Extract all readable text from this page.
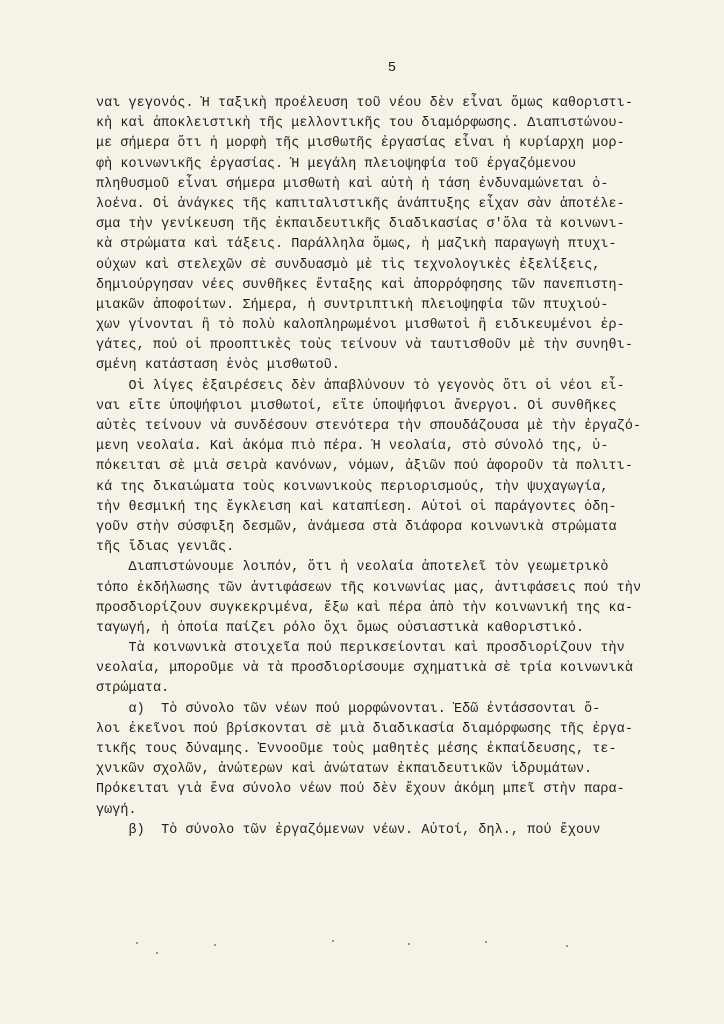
5
ναι γεγονός. Ἡ ταξικὴ προέλευση τοῦ νέου δὲν εἶναι ὅμως καθοριστι-
κὴ καὶ ἀποκλειστικὴ τῆς μελλοντικῆς του διαμόρφωσης. Διαπιστώνου-
με σήμερα ὅτι ἡ μορφὴ τῆς μισθωτῆς ἐργασίας εἶναι ἡ κυρίαρχη μορ-
φὴ κοινωνικῆς ἐργασίας. Ἡ μεγάλη πλειοψηφία τοῦ ἐργαζόμενου
πληθυσμοῦ εἶναι σήμερα μισθωτὴ καὶ αὐτὴ ἡ τάση ἐνδυναμώνεται ὁ-
λοένα. Οἱ ἀνάγκες τῆς καπιταλιστικῆς ἀνάπτυξης εἶχαν σὰν ἀποτέλε-
σμα τὴν γενίκευση τῆς ἐκπαιδευτικῆς διαδικασίας σ'ὅλα τὰ κοινωνι-
κὰ στρώματα καὶ τάξεις. Παράλληλα ὅμως, ἡ μαζικὴ παραγωγὴ πτυχι-
ούχων καὶ στελεχῶν σὲ συνδυασμὸ μὲ τὶς τεχνολογικὲς ἐξελίξεις,
δημιούργησαν νέες συνθῆκες ἔνταξης καὶ ἀπορρόφησης τῶν πανεπιστη-
μιακῶν ἀποφοίτων. Σήμερα, ἡ συντριπτικὴ πλειοψηφία τῶν πτυχιού-
χων γίνονται ἢ τὸ πολὺ καλοπληρωμένοι μισθωτοὶ ἢ ειδικευμένοι ἐρ-
γάτες, πού οἱ προοπτικὲς τοὺς τείνουν νὰ ταυτισθοῦν μὲ τὴν συνηθι-
σμένη κατάσταση ἑνὸς μισθωτοῦ.
Οἱ λίγες ἐξαιρέσεις δὲν ἀπαβλύνουν τὸ γεγονὸς ὅτι οἱ νέοι εἶ-
ναι εἴτε ὑποψήφιοι μισθωτοί, εἴτε ὑποψήφιοι ἄνεργοι. Οἱ συνθῆκες
αὐτὲς τείνουν νὰ συνδέσουν στενότερα τὴν σπουδάζουσα μὲ τὴν ἐργαζό-
μενη νεολαία. Καὶ ἀκόμα πιὸ πέρα. Ἡ νεολαία, στὸ σύνολό της, ὑ-
πόκειται σὲ μιὰ σειρὰ κανόνων, νόμων, ἀξιῶν πού ἀφοροῦν τὰ πολιτι-
κά της δικαιώματα τοὺς κοινωνικοὺς περιορισμούς, τὴν ψυχαγωγία,
τὴν θεσμική της ἔγκλειση καὶ καταπίεση. Αὐτοὶ οἱ παράγοντες ὁδη-
γοῦν στὴν σύσφιξη δεσμῶν, ἀνάμεσα στὰ διάφορα κοινωνικὰ στρώματα
τῆς ἴδιας γενιᾶς.
Διαπιστώνουμε λοιπόν, ὅτι ἡ νεολαία ἀποτελεῖ τὸν γεωμετρικὸ
τόπο ἐκδήλωσης τῶν ἀντιφάσεων τῆς κοινωνίας μας, ἀντιφάσεις πού τὴν
προσδιορίζουν συγκεκριμένα, ἔξω καὶ πέρα ἀπὸ τὴν κοινωνική της κα-
ταγωγή, ἡ ὁποία παίζει ρόλο ὄχι ὅμως οὐσιαστικὰ καθοριστικό.
Τὰ κοινωνικὰ στοιχεῖα πού περικσείονται καὶ προσδιορίζουν τὴν
νεολαία, μποροῦμε νὰ τὰ προσδιορίσουμε σχηματικὰ σὲ τρία κοινωνικὰ
στρώματα.
α)  Τὸ σύνολο τῶν νέων πού μορφώνονται. Ἐδῶ ἐντάσσονται ὅ-
λοι ἐκεῖνοι πού βρίσκονται σὲ μιὰ διαδικασία διαμόρφωσης τῆς ἐργα-
τικῆς τους δύναμης. Ἐννοοῦμε τοὺς μαθητὲς μέσης ἐκπαίδευσης, τε-
χνικῶν σχολῶν, ἀνώτερων καὶ ἀνώτατων ἐκπαιδευτικῶν ἱδρυμάτων.
Πρόκειται γιὰ ἕνα σύνολο νέων πού δὲν ἔχουν ἀκόμη μπεῖ στὴν παρα-
γωγή.
β)  Τὸ σύνολο τῶν ἐργαζόμενων νέων. Αὐτοί, δηλ., πού ἔχουν
